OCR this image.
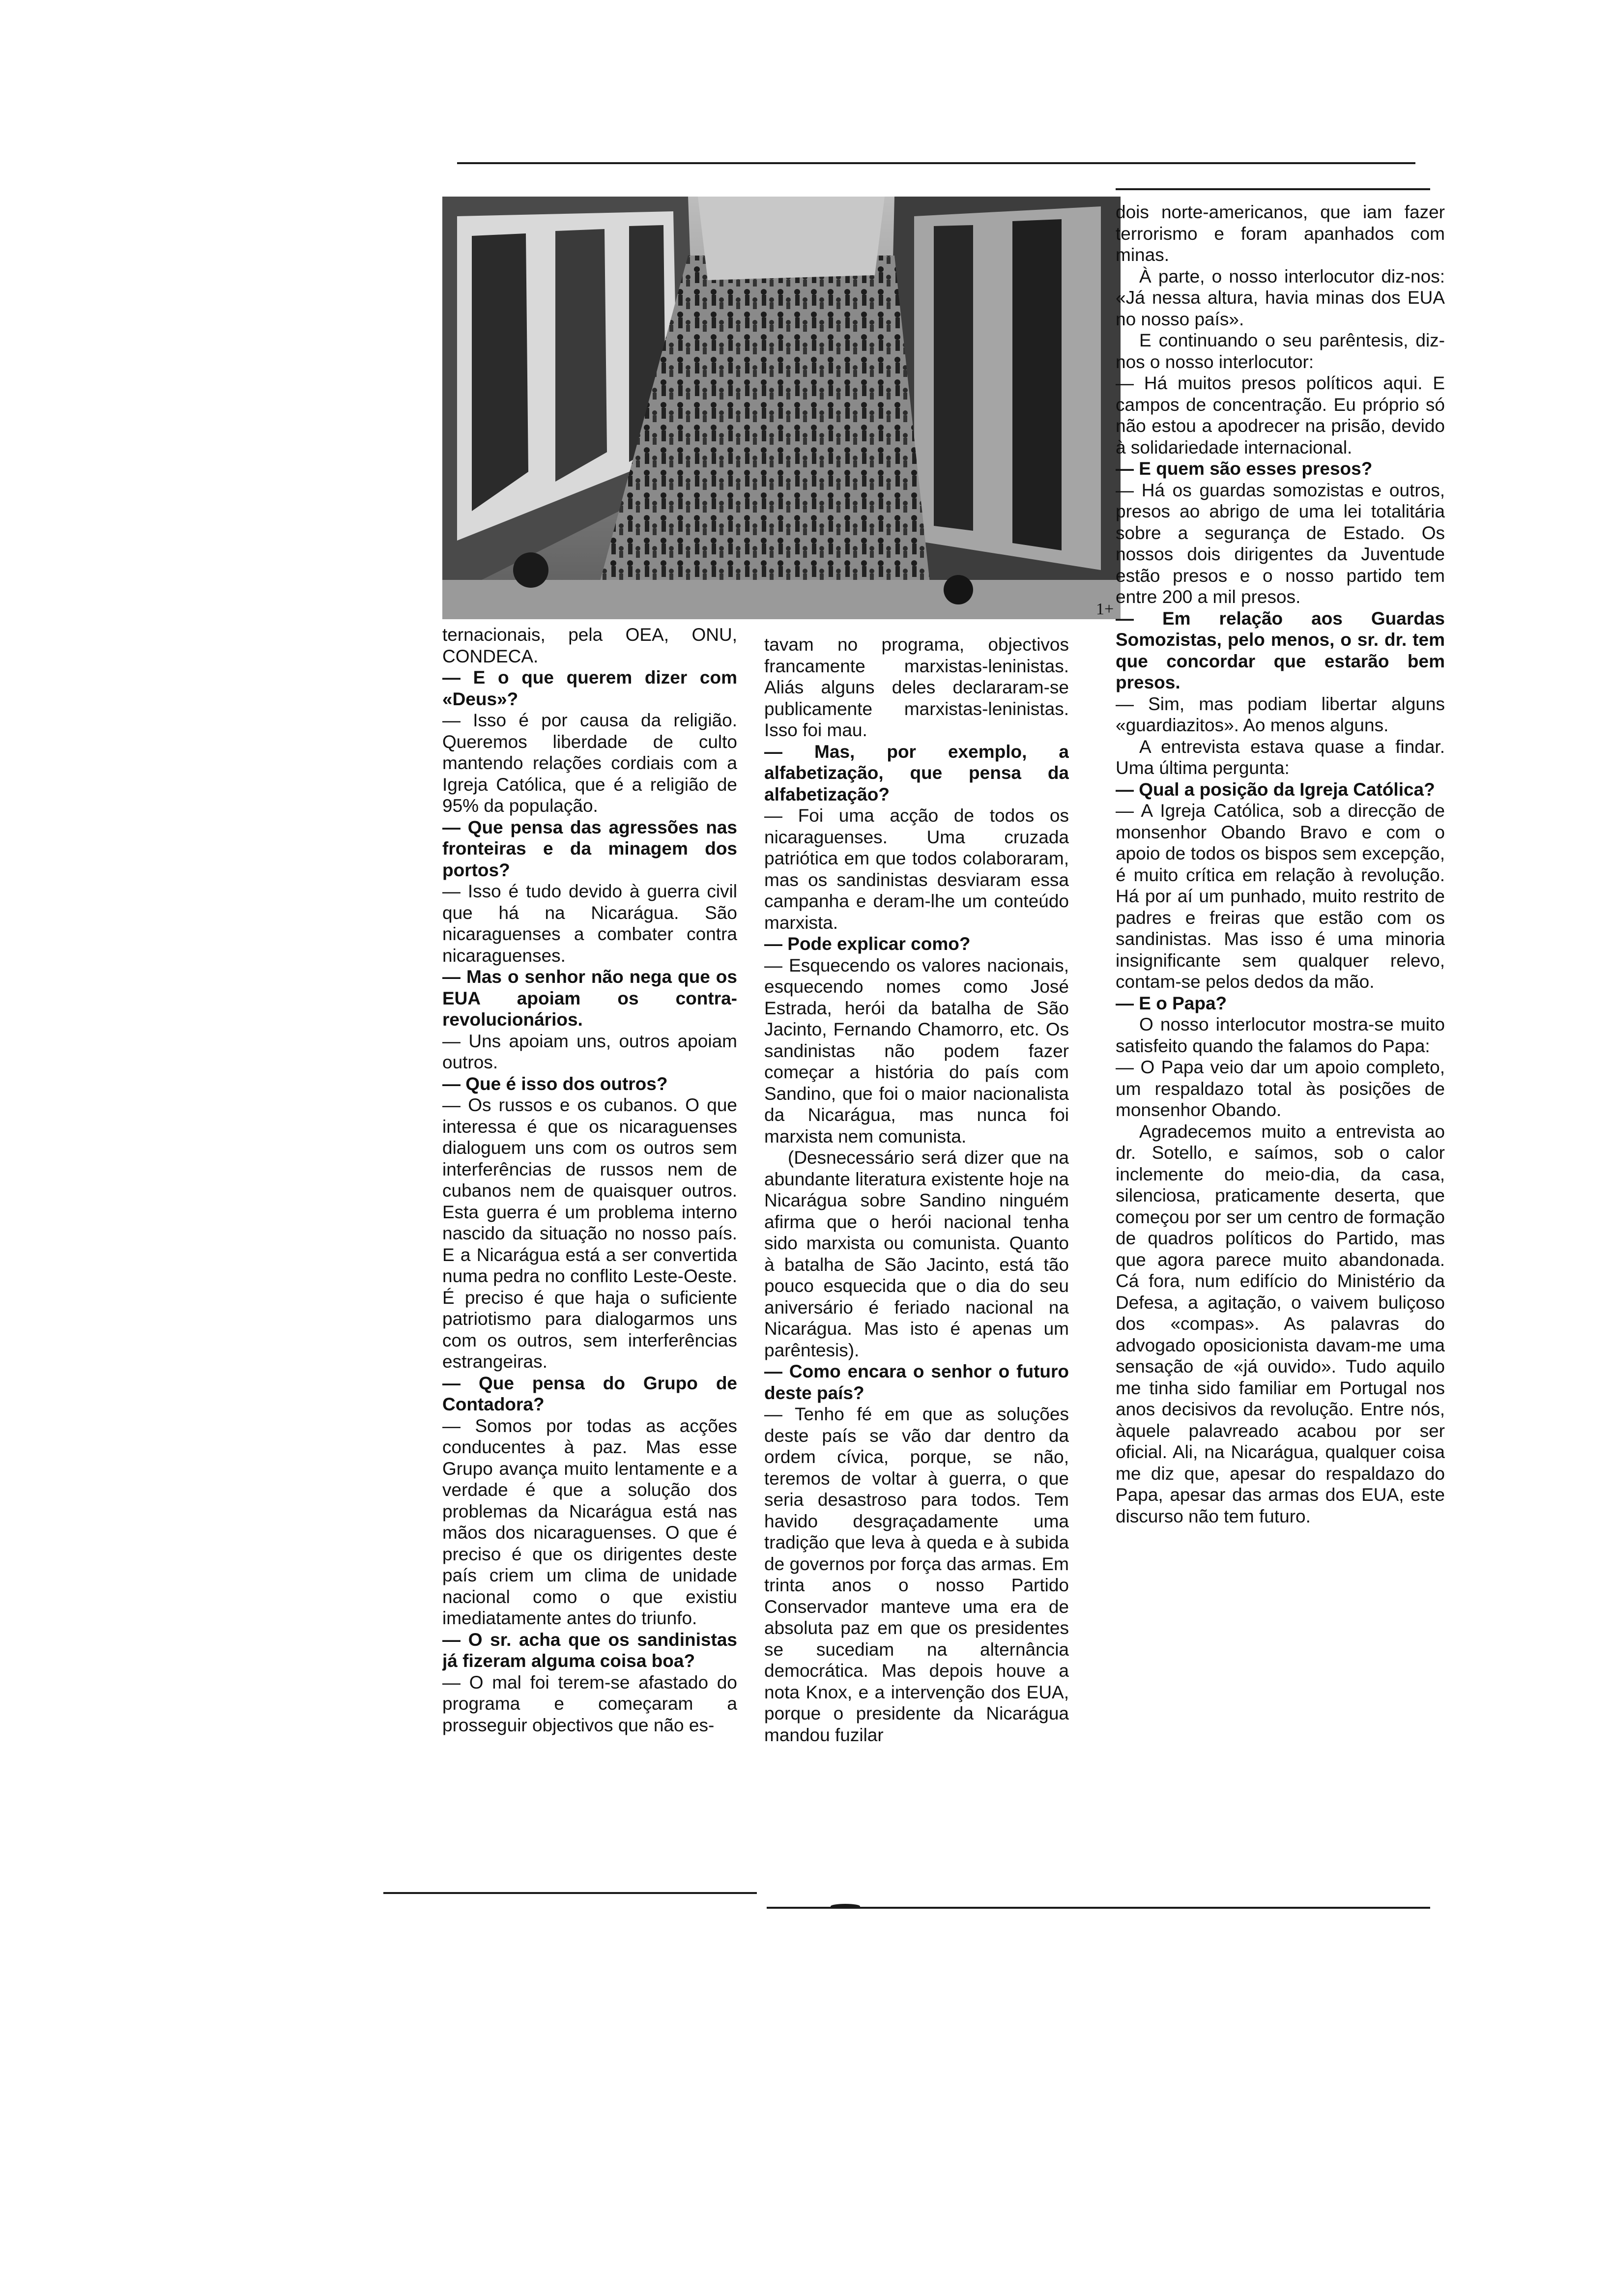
1+

ternacionais, pela OEA, ONU, CONDECA.

— E o que querem dizer com «Deus»?

— Isso é por causa da religião. Queremos liberdade de culto mantendo relações cordiais com a Igreja Católica, que é a religião de 95% da população.

— Que pensa das agressões nas fronteiras e da minagem dos portos?

— Isso é tudo devido à guerra civil que há na Nicarágua. São nicaraguenses a combater contra nicaraguenses.

— Mas o senhor não nega que os EUA apoiam os contra-revolucionários.

— Uns apoiam uns, outros apoiam outros.

— Que é isso dos outros?

— Os russos e os cubanos. O que interessa é que os nicaraguenses dialoguem uns com os outros sem interferências de russos nem de cubanos nem de quaisquer outros. Esta guerra é um problema interno nascido da situação no nosso país. E a Nicarágua está a ser convertida numa pedra no conflito Leste-Oeste. É preciso é que haja o suficiente patriotismo para dialogarmos uns com os outros, sem interferências estrangeiras.

— Que pensa do Grupo de Contadora?

— Somos por todas as acções conducentes à paz. Mas esse Grupo avança muito lentamente e a verdade é que a solução dos problemas da Nicarágua está nas mãos dos nicaraguenses. O que é preciso é que os dirigentes deste país criem um clima de unidade nacional como o que existiu imediatamente antes do triunfo.

— O sr. acha que os sandinistas já fizeram alguma coisa boa?

— O mal foi terem-se afastado do programa e começaram a prosseguir objectivos que não es-

tavam no programa, objectivos francamente marxistas-leninistas. Aliás alguns deles declararam-se publicamente marxistas-leninistas. Isso foi mau.

— Mas, por exemplo, a alfabetização, que pensa da alfabetização?

— Foi uma acção de todos os nicaraguenses. Uma cruzada patriótica em que todos colaboraram, mas os sandinistas desviaram essa campanha e deram-lhe um conteúdo marxista.

— Pode explicar como?

— Esquecendo os valores nacionais, esquecendo nomes como José Estrada, herói da batalha de São Jacinto, Fernando Chamorro, etc. Os sandinistas não podem fazer começar a história do país com Sandino, que foi o maior nacionalista da Nicarágua, mas nunca foi marxista nem comunista.

(Desnecessário será dizer que na abundante literatura existente hoje na Nicarágua sobre Sandino ninguém afirma que o herói nacional tenha sido marxista ou comunista. Quanto à batalha de São Jacinto, está tão pouco esquecida que o dia do seu aniversário é feriado nacional na Nicarágua. Mas isto é apenas um parêntesis).

— Como encara o senhor o futuro deste país?

— Tenho fé em que as soluções deste país se vão dar dentro da ordem cívica, porque, se não, teremos de voltar à guerra, o que seria desastroso para todos. Tem havido desgraçadamente uma tradição que leva à queda e à subida de governos por força das armas. Em trinta anos o nosso Partido Conservador manteve uma era de absoluta paz em que os presidentes se sucediam na alternância democrática. Mas depois houve a nota Knox, e a intervenção dos EUA, porque o presidente da Nicarágua mandou fuzilar

dois norte-americanos, que iam fazer terrorismo e foram apanhados com minas.

À parte, o nosso interlocutor diz-nos: «Já nessa altura, havia minas dos EUA no nosso país».

E continuando o seu parêntesis, diz-nos o nosso interlocutor:

— Há muitos presos políticos aqui. E campos de concentração. Eu próprio só não estou a apodrecer na prisão, devido à solidariedade internacional.

— E quem são esses presos?

— Há os guardas somozistas e outros, presos ao abrigo de uma lei totalitária sobre a segurança de Estado. Os nossos dois dirigentes da Juventude estão presos e o nosso partido tem entre 200 a mil presos.

— Em relação aos Guardas Somozistas, pelo menos, o sr. dr. tem que concordar que estarão bem presos.

— Sim, mas podiam libertar alguns «guardiazitos». Ao menos alguns.

A entrevista estava quase a findar. Uma última pergunta:

— Qual a posição da Igreja Católica?

— A Igreja Católica, sob a direcção de monsenhor Obando Bravo e com o apoio de todos os bispos sem excepção, é muito crítica em relação à revolução. Há por aí um punhado, muito restrito de padres e freiras que estão com os sandinistas. Mas isso é uma minoria insignificante sem qualquer relevo, contam-se pelos dedos da mão.

— E o Papa?

O nosso interlocutor mostra-se muito satisfeito quando the falamos do Papa:

— O Papa veio dar um apoio completo, um respaldazo total às posições de monsenhor Obando.

Agradecemos muito a entrevista ao dr. Sotello, e saímos, sob o calor inclemente do meio-dia, da casa, silenciosa, praticamente deserta, que começou por ser um centro de formação de quadros políticos do Partido, mas que agora parece muito abandonada. Cá fora, num edifício do Ministério da Defesa, a agitação, o vaivem buliçoso dos «compas». As palavras do advogado oposicionista davam-me uma sensação de «já ouvido». Tudo aquilo me tinha sido familiar em Portugal nos anos decisivos da revolução. Entre nós, àquele palavreado acabou por ser oficial. Ali, na Nicarágua, qualquer coisa me diz que, apesar do respaldazo do Papa, apesar das armas dos EUA, este discurso não tem futuro.
